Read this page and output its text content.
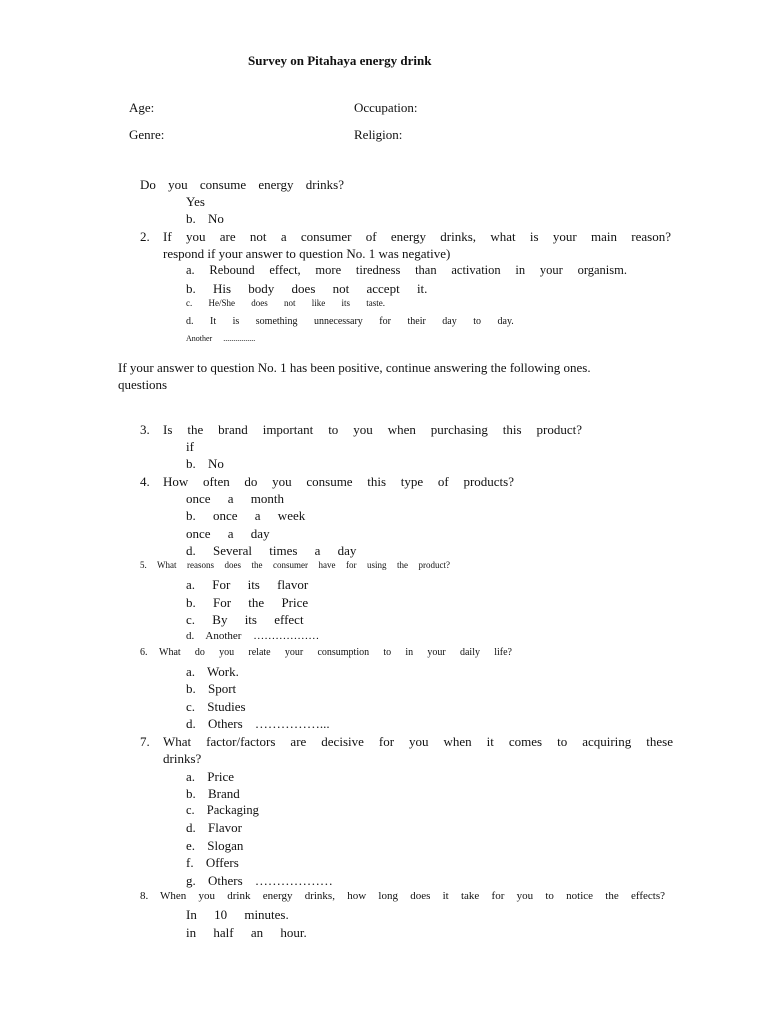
Survey on Pitahaya energy drink
Age:	Occupation:
Genre:	Religion:
Do you consume energy drinks?
Yes
b. No
2. If you are not a consumer of energy drinks, what is your main reason?
respond if your answer to question No. 1 was negative)
a. Rebound effect, more tiredness than activation in your organism.
b. His body does not accept it.
c. He/She does not like its taste.
d. It is something unnecessary for their day to day.
Another ................
If your answer to question No. 1 has been positive, continue answering the following ones.
questions
3. Is the brand important to you when purchasing this product?
if
b. No
4. How often do you consume this type of products?
once a month
b. once a week
once a day
d. Several times a day
5. What reasons does the consumer have for using the product?
a. For its flavor
b. For the Price
c. By its effect
d. Another ………………
6. What do you relate your consumption to in your daily life?
a. Work.
b. Sport
c. Studies
d. Others ……………...
7. What factor/factors are decisive for you when it comes to acquiring these
drinks?
a. Price
b. Brand
c. Packaging
d. Flavor
e. Slogan
f. Offers
g. Others ………………
8. When you drink energy drinks, how long does it take for you to notice the effects?
In 10 minutes.
in half an hour.
